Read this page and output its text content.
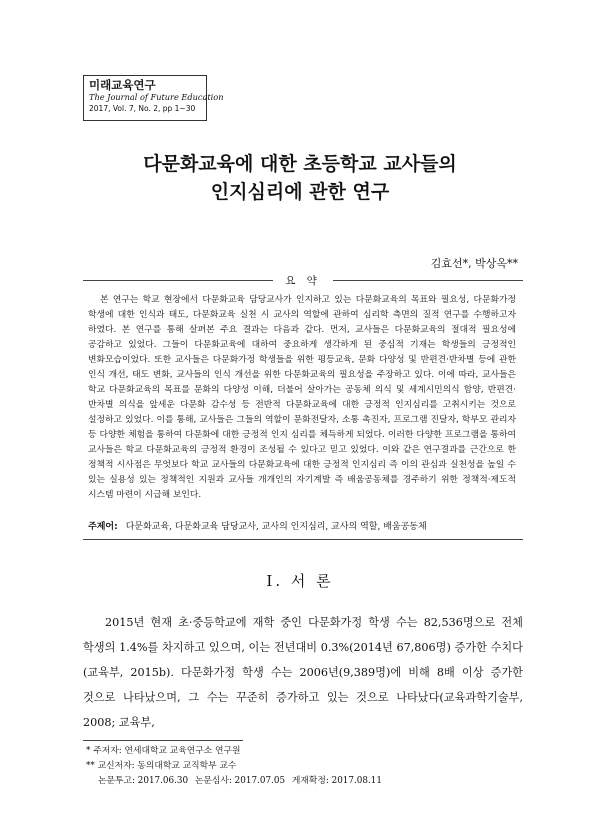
미래교육연구
The Journal of Future Education
2017, Vol. 7, No. 2, pp 1~30
다문화교육에 대한 초등학교 교사들의
인지심리에 관한 연구
김효선*, 박상옥**
요 약

본 연구는 학교 현장에서 다문화교육 담당교사가 인지하고 있는 다문화교육의 목표와 필요성, 다문화가정 학생에 대한 인식과 태도, 다문화교육 실천 시 교사의 역할에 관하여 심리학 측면의 질적 연구를 수행하고자 하였다. 본 연구를 통해 살펴본 주요 결과는 다음과 같다. 먼저, 교사들은 다문화교육의 절대적 필요성에 공감하고 있었다. 그들이 다문화교육에 대하여 중요하게 생각하게 된 중심적 기재는 학생들의 긍정적인 변화모습이었다. 또한 교사들은 다문화가정 학생들을 위한 평등교육, 문화 다양성 및 반편견·반차별 등에 관한 인식 개선, 태도 변화, 교사들의 인식 개선을 위한 다문화교육의 필요성을 주장하고 있다. 이에 따라, 교사들은 학교 다문화교육의 목표를 문화의 다양성 이해, 더불어 살아가는 공동체 의식 및 세계시민의식 함양, 반편견·반차별 의식을 앞세운 다문화 감수성 등 전반적 다문화교육에 대한 긍정적 인지심리를 고취시키는 것으로 설정하고 있었다. 이를 통해, 교사들은 그들의 역할이 문화전달자, 소통 촉진자, 프로그램 진달자, 학부모 관리자 등 다양한 체험을 통하여 다문화에 대한 긍정적 인지 심리를 체득하게 되었다. 이러한 다양한 프로그램을 통하여 교사들은 학교 다문화교육의 긍정적 환경이 조성될 수 있다고 믿고 있었다. 이와 같은 연구결과를 근간으로 한 정책적 시사점은 무엇보다 학교 교사들의 다문화교육에 대한 긍정적 인지심리 즉 이의 관심과 실천성을 높일 수 있는 실용성 있는 정책적인 지원과 교사들 개개인의 자기계발 즉 배움공동체를 경주하기 위한 정책적·제도적 시스템 마련이 시급해 보인다.

주제어: 다문화교육, 다문화교육 담당교사, 교사의 인지심리, 교사의 역할, 배움공동체
Ⅰ. 서 론

2015년 현재 초·중등학교에 재학 중인 다문화가정 학생 수는 82,536명으로 전체 학생의 1.4%를 차지하고 있으며, 이는 전년대비 0.3%(2014년 67,806명) 증가한 수치다(교육부, 2015b). 다문화가정 학생 수는 2006년(9,389명)에 비해 8배 이상 증가한 것으로 나타났으며, 그 수는 꾸준히 증가하고 있는 것으로 나타났다(교육과학기술부, 2008; 교육부,

* 주저자: 연세대학교 교육연구소 연구원
** 교신저자: 동의대학교 교직학부 교수
논문투고: 2017.06.30 논문심사: 2017.07.05 게재확정: 2017.08.11
